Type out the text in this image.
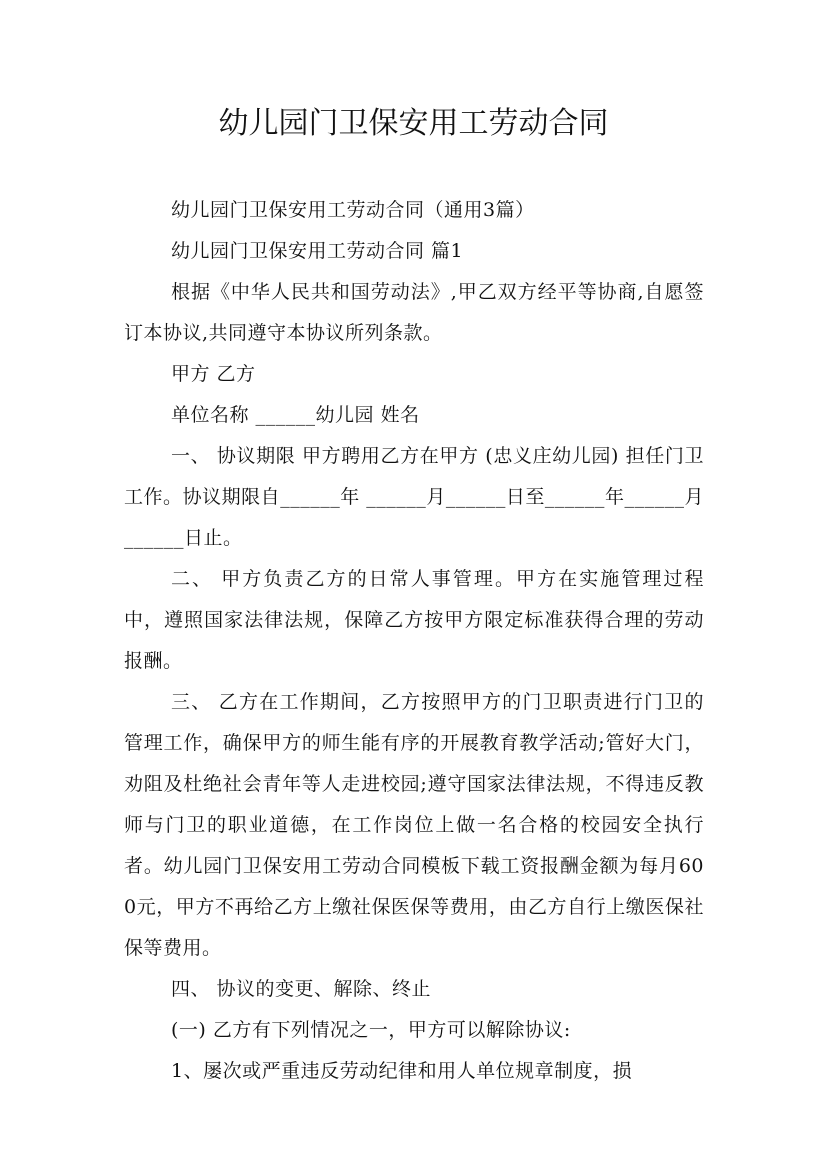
幼儿园门卫保安用工劳动合同

幼儿园门卫保安用工劳动合同（通用3篇）

幼儿园门卫保安用工劳动合同 篇1

根据《中华人民共和国劳动法》,甲乙双方经平等协商,自愿签订本协议,共同遵守本协议所列条款。

甲方 乙方

单位名称 ______幼儿园 姓名

一、 协议期限 甲方聘用乙方在甲方 (忠义庄幼儿园) 担任门卫工作。协议期限自______年 ______月______日至______年______月______日止。

二、 甲方负责乙方的日常人事管理。甲方在实施管理过程中，遵照国家法律法规，保障乙方按甲方限定标准获得合理的劳动报酬。

三、 乙方在工作期间，乙方按照甲方的门卫职责进行门卫的管理工作，确保甲方的师生能有序的开展教育教学活动;管好大门，劝阻及杜绝社会青年等人走进校园;遵守国家法律法规，不得违反教师与门卫的职业道德，在工作岗位上做一名合格的校园安全执行者。幼儿园门卫保安用工劳动合同模板下载工资报酬金额为每月600元，甲方不再给乙方上缴社保医保等费用，由乙方自行上缴医保社保等费用。

四、 协议的变更、解除、终止

(一) 乙方有下列情况之一，甲方可以解除协议:

1、屡次或严重违反劳动纪律和用人单位规章制度，损
